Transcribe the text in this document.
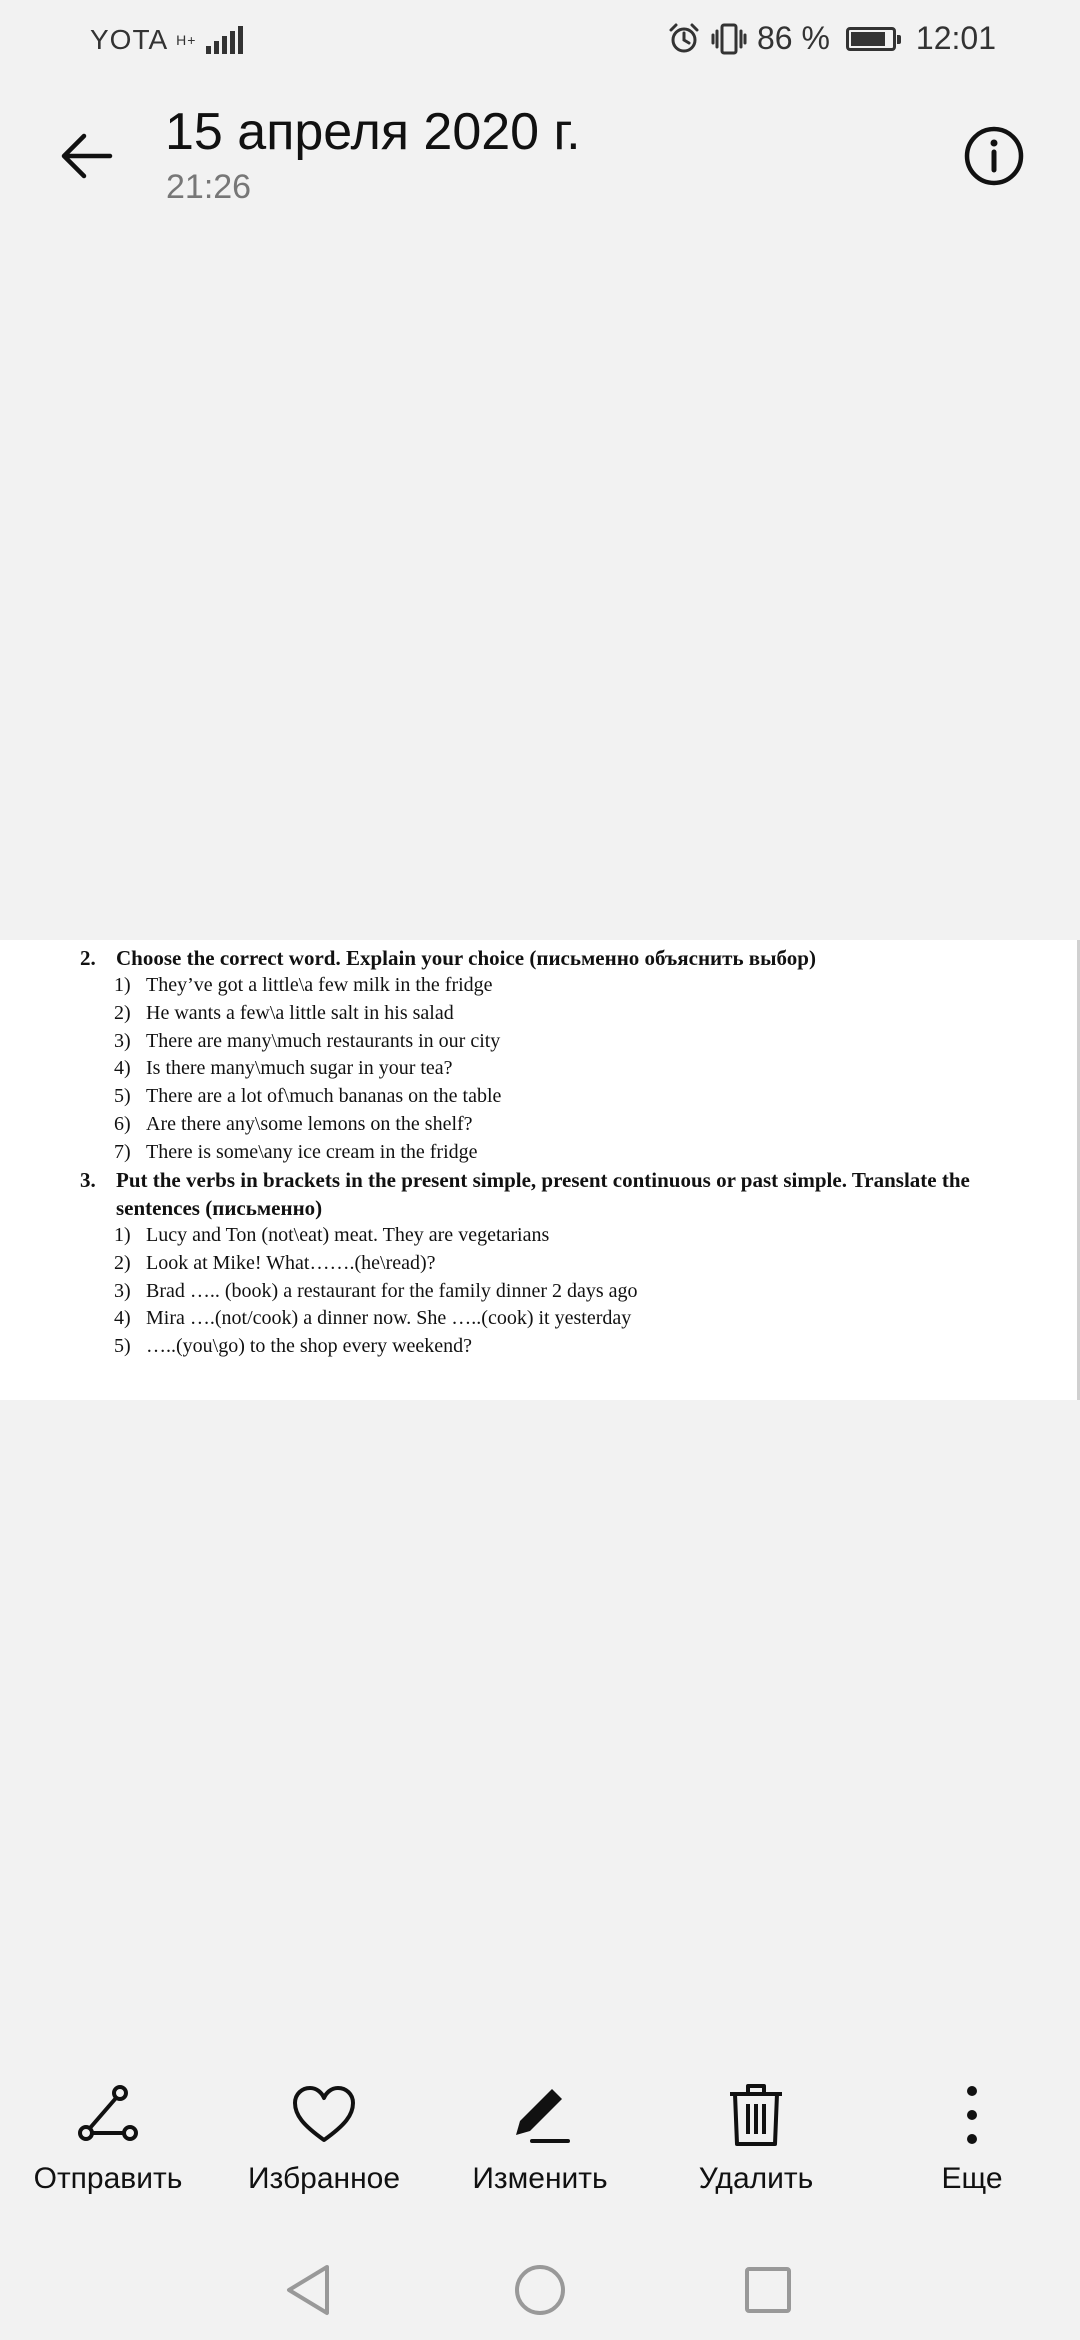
YOTA H+	86 %	12:01
15 апреля 2020 г.
21:26
2. Choose the correct word. Explain your choice (письменно объяснить выбор)
1) They’ve got a little\a few milk in the fridge
2) He wants a few\a little salt in his salad
3) There are many\much restaurants in our city
4) Is there many\much sugar in your tea?
5) There are a lot of\much bananas on the table
6) Are there any\some lemons on the shelf?
7) There is some\any ice cream in the fridge
3. Put the verbs in brackets in the present simple, present continuous or past simple. Translate the sentences (письменно)
1) Lucy and Ton (not\eat) meat. They are vegetarians
2) Look at Mike! What…….(he\read)?
3) Brad ….. (book) a restaurant for the family dinner 2 days ago
4) Mira ….(not/cook) a dinner now. She …..(cook) it yesterday
5) …..(you\go) to the shop every weekend?
Отправить Избранное Изменить	Удалить	Еще
